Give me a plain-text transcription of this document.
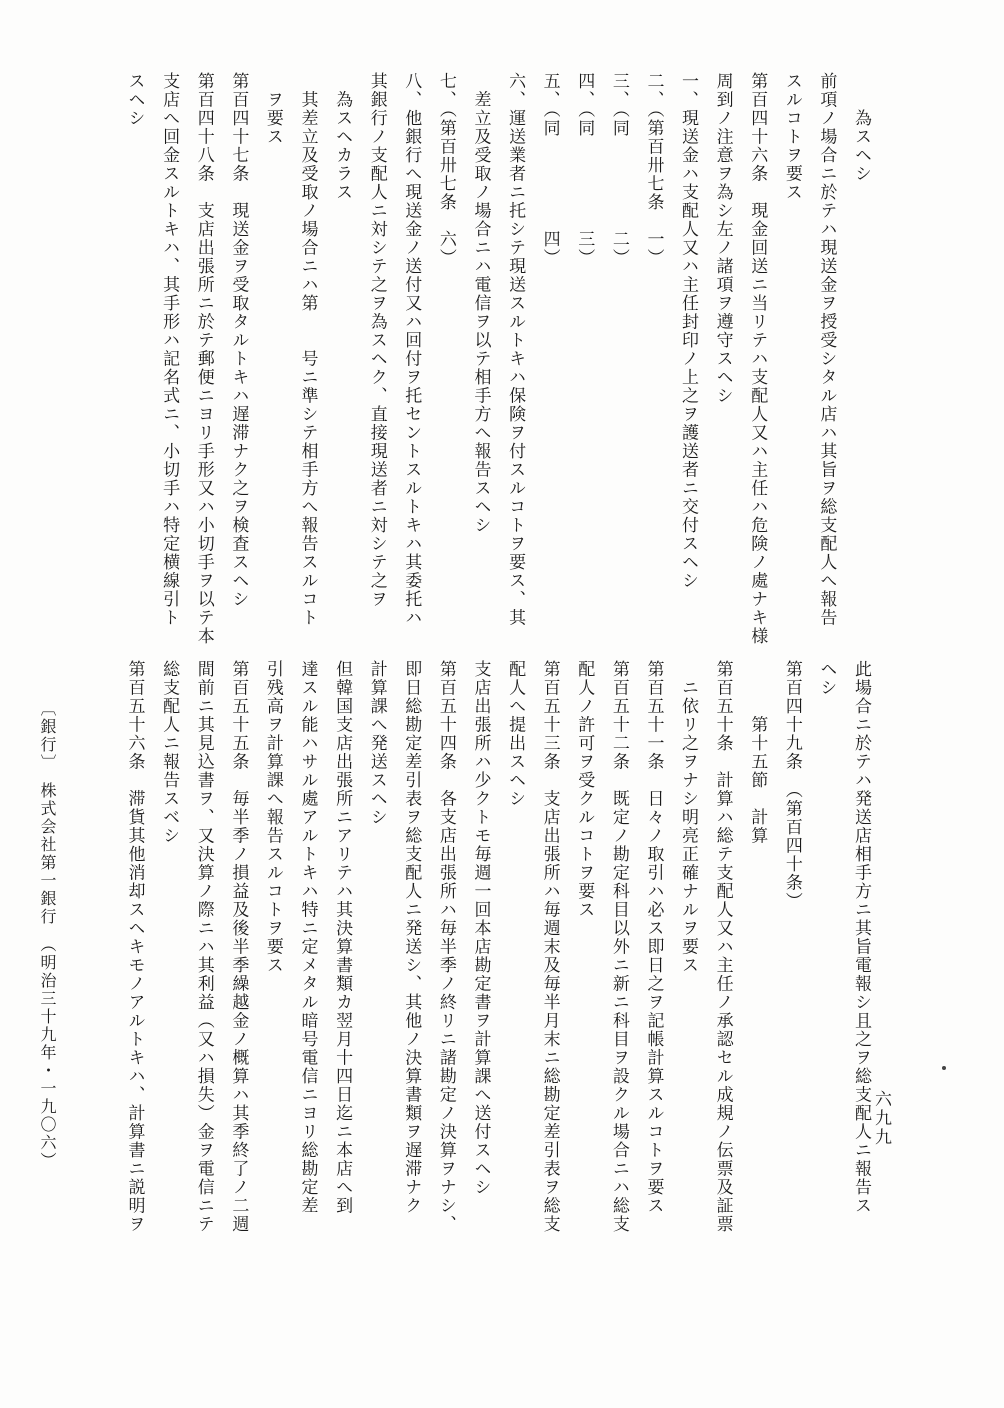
　　為スヘシ
前項ノ場合ニ於テハ現送金ヲ授受シタル店ハ其旨ヲ総支配人へ報告
スルコトヲ要ス
第百四十六条　現金回送ニ当リテハ支配人又ハ主任ハ危険ノ處ナキ様
周到ノ注意ヲ為シ左ノ諸項ヲ遵守スヘシ
一、現送金ハ支配人又ハ主任封印ノ上之ヲ護送者ニ交付スヘシ
二、（第百卅七条　一）
三、（同　　　　　二）
四、（同　　　　　三）
五、（同　　　　　四）
六、運送業者ニ托シテ現送スルトキハ保険ヲ付スルコトヲ要ス、其
　差立及受取ノ場合ニハ電信ヲ以テ相手方へ報告スヘシ
七、（第百卅七条　六）
八、他銀行へ現送金ノ送付又ハ回付ヲ托セントスルトキハ其委托ハ
其銀行ノ支配人ニ対シテ之ヲ為スヘク、直接現送者ニ対シテ之ヲ
　為スヘカラス
　其差立及受取ノ場合ニハ第　　号ニ準シテ相手方へ報告スルコト
　ヲ要ス
第百四十七条　現送金ヲ受取タルトキハ遅滞ナク之ヲ検査スヘシ
第百四十八条　支店出張所ニ於テ郵便ニヨリ手形又ハ小切手ヲ以テ本
支店へ回金スルトキハ、其手形ハ記名式ニ、小切手ハ特定横線引ト
スヘシ
此場合ニ於テハ発送店相手方ニ其旨電報シ且之ヲ総支配人ニ報告ス
ヘシ
第百四十九条　（第百四十条）
　　　第十五節　計算
第百五十条　計算ハ総テ支配人又ハ主任ノ承認セル成規ノ伝票及証票
　ニ依リ之ヲナシ明亮正確ナルヲ要ス
第百五十一条　日々ノ取引ハ必ス即日之ヲ記帳計算スルコトヲ要ス
第百五十二条　既定ノ勘定科目以外ニ新ニ科目ヲ設クル場合ニハ総支
配人ノ許可ヲ受クルコトヲ要ス
第百五十三条　支店出張所ハ毎週末及毎半月末ニ総勘定差引表ヲ総支
配人へ提出スヘシ
支店出張所ハ少クトモ毎週一回本店勘定書ヲ計算課へ送付スヘシ
第百五十四条　各支店出張所ハ毎半季ノ終リニ諸勘定ノ決算ヲナシ、
即日総勘定差引表ヲ総支配人ニ発送シ、其他ノ決算書類ヲ遅滞ナク
計算課へ発送スヘシ
但韓国支店出張所ニアリテハ其決算書類カ翌月十四日迄ニ本店へ到
達スル能ハサル處アルトキハ特ニ定メタル暗号電信ニヨリ総勘定差
引残高ヲ計算課へ報告スルコトヲ要ス
第百五十五条　毎半季ノ損益及後半季繰越金ノ概算ハ其季終了ノ二週
間前ニ其見込書ヲ、又決算ノ際ニハ其利益（又ハ損失）金ヲ電信ニテ
総支配人ニ報告スベシ
第百五十六条　滞貨其他消却スヘキモノアルトキハ、計算書ニ説明ヲ	六九九
〔銀行〕　株式会社第一銀行　（明治三十九年・一九〇六）
